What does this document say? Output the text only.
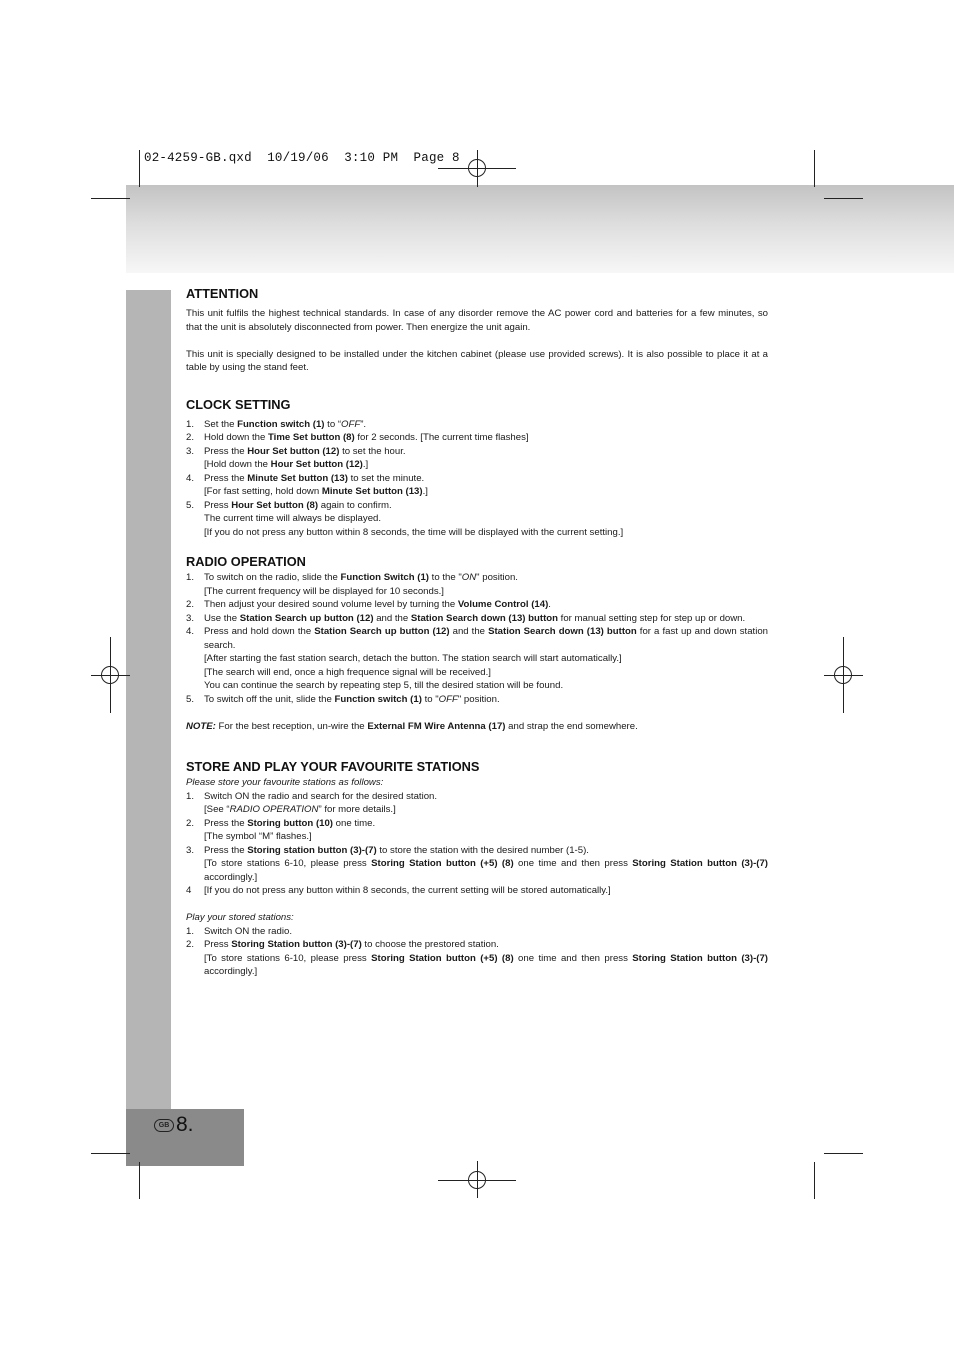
02-4259-GB.qxd  10/19/06  3:10 PM  Page 8
GB 8.
ATTENTION

This unit fulfils the highest technical standards. In case of any disorder remove the AC power cord and batteries for a few minutes, so that the unit is absolutely disconnected from power. Then energize the unit again.

This unit is specially designed to be installed under the kitchen cabinet (please use provided screws). It is also possible to place it at a table by using the stand feet.

CLOCK SETTING
1.	Set the Function switch (1) to “OFF”.
2.	Hold down the Time Set button (8) for 2 seconds. [The current time flashes]
3.	Press the Hour Set button (12) to set the hour.
[Hold down the Hour Set button (12).]
4.	Press the Minute Set button (13) to set the minute.
[For fast setting, hold down Minute Set button (13).]
5.	Press Hour Set button (8) again to confirm.
The current time will always be displayed.
[If you do not press any button within 8 seconds, the time will be displayed with the current setting.]
RADIO OPERATION
1.	To switch on the radio, slide the Function Switch (1) to the "ON" position.
[The current frequency will be displayed for 10 seconds.]
2.	Then adjust your desired sound volume level by turning the Volume Control (14).
3.	Use the Station Search up button (12) and the Station Search down (13) button for manual setting step for step up or down.
4.	Press and hold down the Station Search up button (12) and the Station Search down (13) button for a fast up and down station search.
[After starting the fast station search, detach the button. The station search will start automatically.]
[The search will end, once a high frequence signal will be received.]
You can continue the search by repeating step 5, till the desired station will be found.
5.	To switch off the unit, slide the Function switch (1) to "OFF" position.

NOTE: For the best reception, un-wire the External FM Wire Antenna (17) and strap the end somewhere.

STORE AND PLAY YOUR FAVOURITE STATIONS

Please store your favourite stations as follows:

1.	Switch ON the radio and search for the desired station.
[See “RADIO OPERATION” for more details.]
2.	Press the Storing button (10) one time.
[The symbol “M” flashes.]
3.	Press the Storing station button (3)-(7) to store the station with the desired number (1-5).
[To store stations 6-10, please press Storing Station button (+5) (8) one time and then press Storing Station button (3)-(7) accordingly.]
4	[If you do not press any button within 8 seconds, the current setting will be stored automatically.]

Play your stored stations:

1.	Switch ON the radio.
2.	Press Storing Station button (3)-(7) to choose the prestored station.
[To store stations 6-10, please press Storing Station button (+5) (8) one time and then press Storing Station button (3)-(7) accordingly.]
